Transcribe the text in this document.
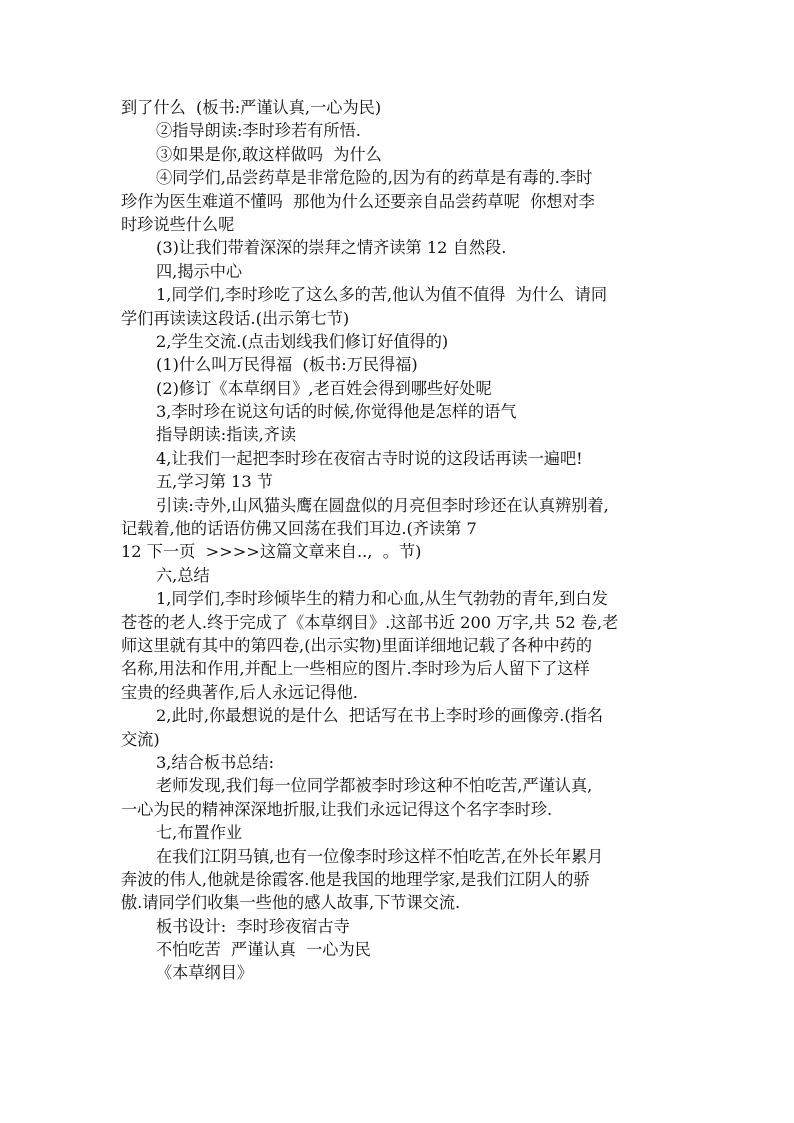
到了什么  (板书:严谨认真,一心为民)
②指导朗读:李时珍若有所悟.
③如果是你,敢这样做吗  为什么
④同学们,品尝药草是非常危险的,因为有的药草是有毒的.李时
珍作为医生难道不懂吗  那他为什么还要亲自品尝药草呢  你想对李
时珍说些什么呢
(3)让我们带着深深的崇拜之情齐读第 12 自然段.
四,揭示中心
1,同学们,李时珍吃了这么多的苦,他认为值不值得  为什么  请同
学们再读读这段话.(出示第七节)
2,学生交流.(点击划线我们修订好值得的)
(1)什么叫万民得福  (板书:万民得福)
(2)修订《本草纲目》,老百姓会得到哪些好处呢
3,李时珍在说这句话的时候,你觉得他是怎样的语气
指导朗读:指读,齐读
4,让我们一起把李时珍在夜宿古寺时说的这段话再读一遍吧!
五,学习第 13 节
引读:寺外,山风猫头鹰在圆盘似的月亮但李时珍还在认真辨别着,
记载着,他的话语仿佛又回荡在我们耳边.(齐读第 7
12 下一页  >>>>这篇文章来自..,  。节)
六,总结
1,同学们,李时珍倾毕生的精力和心血,从生气勃勃的青年,到白发
苍苍的老人.终于完成了《本草纲目》.这部书近 200 万字,共 52 卷,老
师这里就有其中的第四卷,(出示实物)里面详细地记载了各种中药的
名称,用法和作用,并配上一些相应的图片.李时珍为后人留下了这样
宝贵的经典著作,后人永远记得他.
2,此时,你最想说的是什么  把话写在书上李时珍的画像旁.(指名
交流)
3,结合板书总结:
老师发现,我们每一位同学都被李时珍这种不怕吃苦,严谨认真,
一心为民的精神深深地折服,让我们永远记得这个名字李时珍.
七,布置作业
在我们江阴马镇,也有一位像李时珍这样不怕吃苦,在外长年累月
奔波的伟人,他就是徐霞客.他是我国的地理学家,是我们江阴人的骄
傲.请同学们收集一些他的感人故事,下节课交流.
板书设计:  李时珍夜宿古寺
不怕吃苦  严谨认真  一心为民
《本草纲目》
